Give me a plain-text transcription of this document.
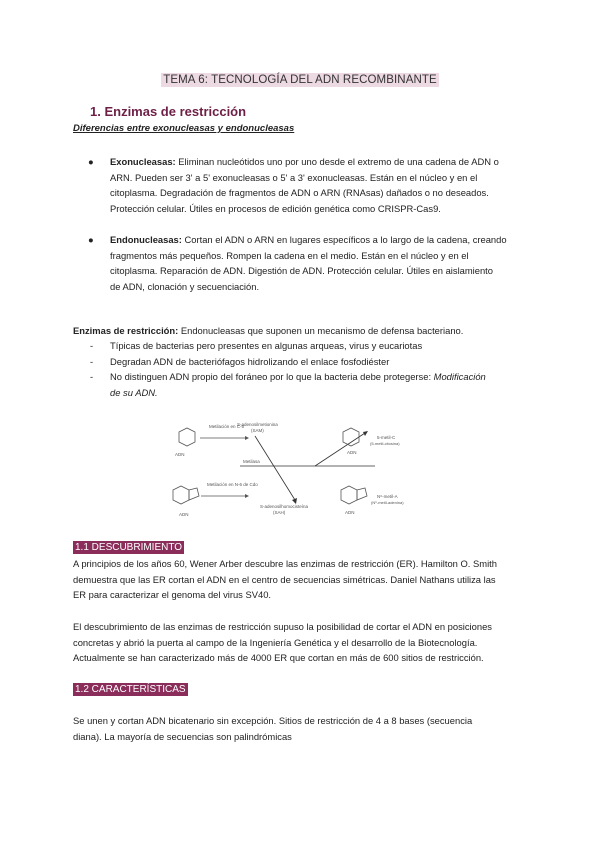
TEMA 6: TECNOLOGÍA DEL ADN RECOMBINANTE
1. Enzimas de restricción
Diferencias entre exonucleasas y endonucleasas
● Exonucleasas: Eliminan nucleótidos uno por uno desde el extremo de una cadena de ADN o
ARN. Pueden ser 3' a 5' exonucleasas o 5' a 3' exonucleasas. Están en el núcleo y en el
citoplasma. Degradación de fragmentos de ADN o ARN (RNAsas) dañados o no deseados.
Protección celular. Útiles en procesos de edición genética como CRISPR-Cas9.
● Endonucleasas: Cortan el ADN o ARN en lugares específicos a lo largo de la cadena, creando
fragmentos más pequeños. Rompen la cadena en el medio. Están en el núcleo y en el
citoplasma. Reparación de ADN. Digestión de ADN. Protección celular. Útiles en aislamiento
de ADN, clonación y secuenciación.
Enzimas de restricción: Endonucleasas que suponen un mecanismo de defensa bacteriano.
- Típicas de bacterias pero presentes en algunas arqueas, virus y eucariotas
- Degradan ADN de bacteriófagos hidrolizando el enlace fosfodiéster
- No distinguen ADN propio del foráneo por lo que la bacteria debe protegerse: Modificación

de su ADN.
ADN
Metilación en C-5
ADN
Metilación en N-6 de Cdo
S-adenosilmetionina
(SAM)
Metilasa
S-adenosilhomocisteína
(SAH)
ADN
5-metil-C
(5-metil-citosina)
ADN
N⁶-metil-A
(N⁶-metil-adenina)
1.1 DESCUBRIMIENTO
A principios de los años 60, Wener Arber descubre las enzimas de restricción (ER). Hamilton O. Smith
demuestra que las ER cortan el ADN en el centro de secuencias simétricas. Daniel Nathans utiliza las
ER para caracterizar el genoma del virus SV40.
El descubrimiento de las enzimas de restricción supuso la posibilidad de cortar el ADN en posiciones
concretas y abrió la puerta al campo de la Ingeniería Genética y el desarrollo de la Biotecnología.
Actualmente se han caracterizado más de 4000 ER que cortan en más de 600 sitios de restricción.
1.2 CARACTERÍSTICAS
Se unen y cortan ADN bicatenario sin excepción. Sitios de restricción de 4 a 8 bases (secuencia
diana). La mayoría de secuencias son palindrómicas
